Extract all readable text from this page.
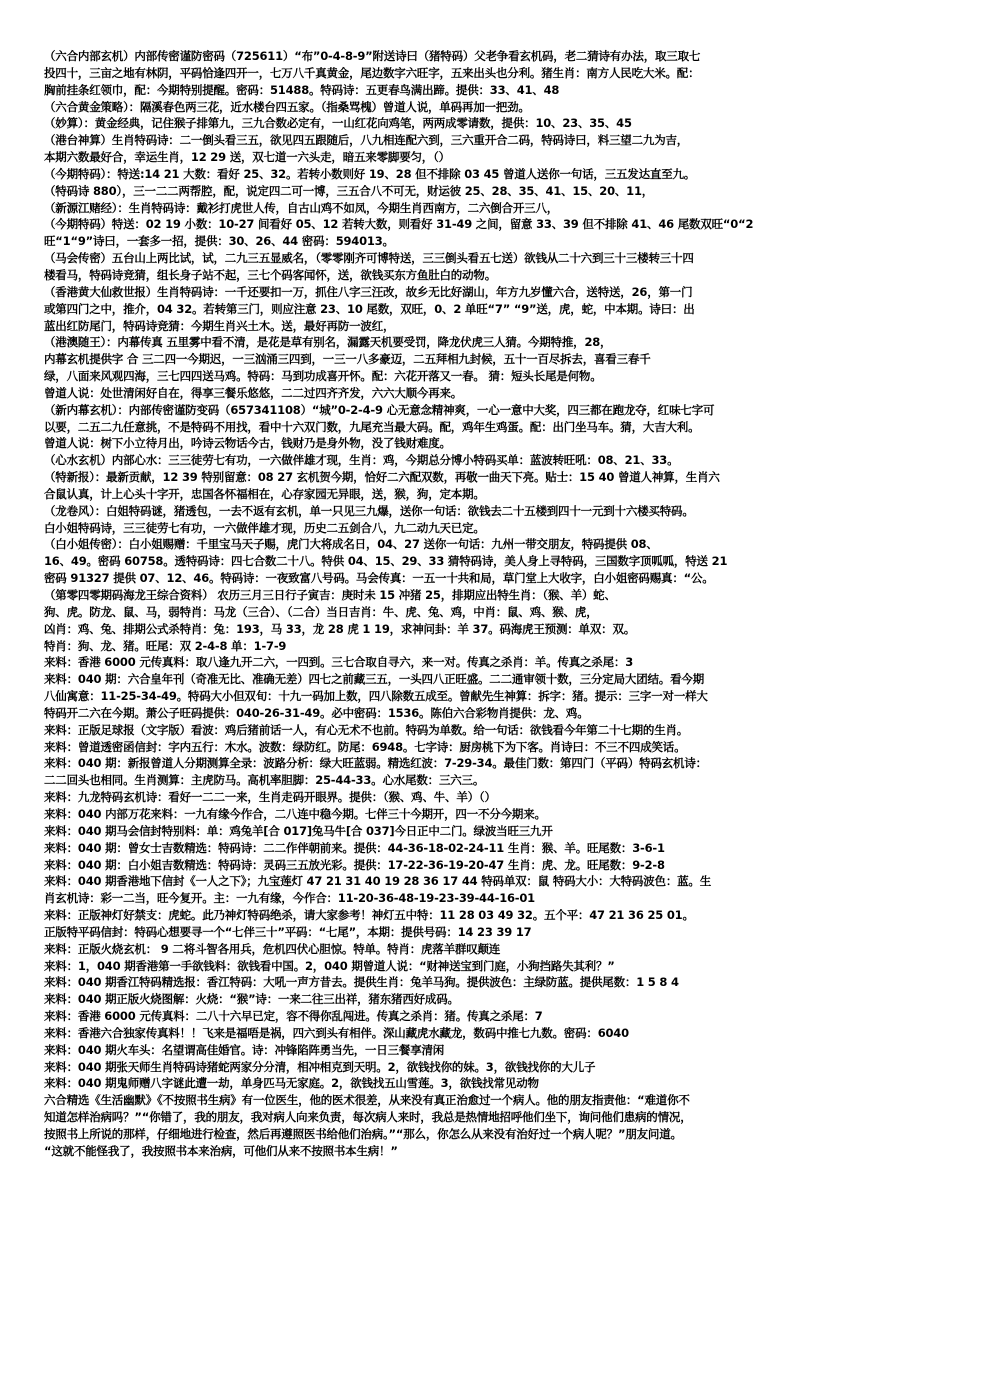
（六合内部玄机）内部传密谨防密码（725611）“布”0-4-8-9”附送诗曰（猪特码）父老争看玄机码，老二猜诗有办法，取三取七

投四十，三亩之地有林阴，平码恰逢四开一，七万八千真黄金，尾边数字六旺字，五来出头也分利。猪生肖：南方人民吃大米。配：

胸前挂条红领巾，配：今期特别提醒。密码：51488。特码诗：五更春鸟满出蹄。提供：33、41、48

（六合黄金策略）：隔溪春色两三花，近水楼台四五家。（指桑骂槐）曾道人说，单码再加一把劲。

（妙算）：黄金经典，记住猴子排第九，三九合数必定有，一山红花向鸡笔，两两成零请数，提供：10、23、35、45

（港台神算）生肖特码诗：二一倒头看三五，欲见四五跟随后，八九相连配六到，三六重开合二码，特码诗曰，料三望二九为吉，

本期六数最好合，幸运生肖，12 29 送，双七道一六头走，暗五来零脚要匀，（）

（今期特码）：特送:14 21 大数：看好 25、32。若转小数则好 19、28 但不排除 03 45 曾道人送你一句话，三五发达直至九。

（特码诗 880），三一二二两帮腔，配，说定四二可一博，三五合八不可无，财运彼 25、28、35、41、15、20、11，

（新源江赌经）：生肖特码诗：戴衫打虎世人传，自古山鸡不如凤，今期生肖西南方，二六倒合开三八，

（今期特码）特送：02 19 小数：10-27 间看好 05、12 若转大数，则看好 31-49 之间，留意 33、39 但不排除 41、46 尾数双旺“0“2

旺“1“9”诗曰，一套多一招，提供：30、26、44 密码：594013。

（马会传密）五台山上两比试，试，二九三五显威名，（零零刚齐可博特送，三三倒头看五七送）欲钱从二十六到三十三楼转三十四

楼看马，特码诗竞猜，组长身子站不起，三七个码客闻怀，送，欲钱买东方鱼肚白的动物。

（香港黄大仙救世报）生肖特码诗：一千还要扣一万，抓住八字三汪改，故乡无比好湖山，年方九岁懂六合，送特送，26，第一门

或第四门之中，推介，04 32。若转第三门，则应注意 23、10 尾数，双旺，0、2 单旺“7” “9”送，虎，蛇，中本期。诗曰：出

蓝出红防尾门，特码诗竞猜：今期生肖兴土木。送，最好再防一波红，

（港澳随王）：内幕传真 五里雾中看不清，是花是草有别名，漏露天机要受罚，降龙伏虎三人猜。今期特推，28，

内幕玄机提供字 合 三二四一今期迟，一三汹涌三四到，一三一八多豪迈，二五拜相九封候，五十一百尽拆去，喜看三春千

绿，八面来风观四海，三七四四送马鸡。特码：马到功成喜开怀。配：六花开落又一春。 猜：短头长尾是何物。

曾道人说：处世清闲好自在，得享三餐乐悠悠，二二过四齐齐发，六六大顺今再来。

（新内幕玄机）：内部传密谨防变码（657341108）“城”0-2-4-9 心无意念精神爽，一心一意中大奖，四三都在跑龙夺，红味七字可

以要，二五二九任意挑，不是特码不用找，看中十六双门数，九尾充当最大码。配，鸡年生鸡蛋。配：出门坐马车。猜，大吉大利。

曾道人说：树下小立待月出，吟诗云物话今古，钱财乃是身外物，没了钱财难度。

（心水玄机）内部心水：三三徒劳七有功，一六做伴雄才现，生肖：鸡，今期总分博小特码买单：蓝波转旺吼：08、21、33。

（特新报）：最新贡献，12 39 特别留意：08 27 玄机贺今期，恰好二六配双数，再敬一曲天下亮。贴士：15 40 曾道人神算，生肖六

合鼠认真，计上心头十字开，忠国各怀福相在，心存家园无异眼，送，猴，狗，定本期。

（龙卷风）：白姐特码谜，猪透包，一去不返有玄机，单一只见三九爆，送你一句话：欲钱去二十五楼到四十一元到十六楼买特码。

白小姐特码诗，三三徒劳七有功，一六做伴雄才现，历史二五剑合八，九二动九天已定。

（白小姐传密）：白小姐赐赠：千里宝马天子赐，虎门大将成名日，04、27 送你一句话：九州一带交朋友，特码提供 08、

16、49。密码 60758。透特码诗：四七合数二十八。特供 04、15、29、33 猜特码诗，美人身上寻特码，三国数字顶呱呱，特送 21

密码 91327 提供 07、12、46。特码诗：一夜致富八号码。马会传真：一五一十共和局，草门堂上大收字，白小姐密码赐真：“公。

（第零四零期码海龙王综合资料） 农历三月三日行子寅吉：庚时未 15 冲猪 25，排期应出特生肖：（猴、羊）蛇、

狗、虎。防龙、鼠、马，弱特肖：马龙（三合）、（二合）当日吉肖：牛、虎、兔、鸡，中肖：鼠、鸡、猴、虎，

凶肖：鸡、兔、排期公式杀特肖：兔：193，马 33，龙 28 虎 1 19，求神问卦：羊 37。码海虎王预测：单双：双。

特肖：狗、龙、猪。旺尾：双 2-4-8 单：1-7-9

来料：香港 6000 元传真料：取八逢九开二六，一四到。三七合取自寻六，来一对。传真之杀肖：羊。传真之杀尾：3

来料：040 期：六合皇年刊（奇准无比、准确无差）四七之前藏三五，一头四八正旺盛。二二通审领十数，三分定局大团结。看今期

八仙寓意：11-25-34-49。特码大小但双旬：十九一码加上数，四八除数五成至。曾献先生神算：拆字：猪。提示：三字一对一样大

特码开二六在今期。萧公子旺码提供：040-26-31-49。必中密码：1536。陈伯六合彩物肖提供：龙、鸡。

来料：正版足球报（文字版）看波：鸡后猪前话一人，有心无术不也前。特码为单数。给一句话：欲钱看今年第二十七期的生肖。

来料：曾道透密函信封：字内五行：木水。波数：绿防红。防尾：6948。七字诗：厨房桃下为下客。肖诗曰：不三不四成笑话。

来料：040 期：新报曾道人分期测算全录：波路分析：绿大旺蓝弱。精选红波：7-29-34。最佳门数：第四门（平码）特码玄机诗：

二二回头也相同。生肖测算：主虎防马。高机率胆脚：25-44-33。心水尾数：三六三。

来料：九龙特码玄机诗：看好一二二一来，生肖走码开眼界。提供：（猴、鸡、牛、羊）（）

来料：040 内部万花来料：一九有缘今作合，二八连中稳今期。七伴三十今期开，四一不分今期来。

来料：040 期马会信封特别料：单：鸡兔羊[合 017]兔马牛[合 037]今日正中二门。绿波当旺三九开

来料：040 期：曾女士吉数精选：特码诗：二二作伴朝前来。提供：44-36-18-02-24-11 生肖：猴、羊。旺尾数：3-6-1

来料：040 期：白小姐吉数精选：特码诗：灵码三五放光彩。提供：17-22-36-19-20-47 生肖：虎、龙。旺尾数：9-2-8

来料：040 期香港地下信封《一人之下》；九宝莲灯 47 21 31 40 19 28 36 17 44 特码单双：鼠 特码大小：大特码波色：蓝。生

肖玄机诗：彩一二当，旺今复开。主：一九有缘，今作合：11-20-36-48-19-23-39-44-16-01

来料：正版神灯好禁支：虎蛇。此乃神灯特码绝杀，请大家参考！神灯五中特：11 28 03 49 32。五个平：47 21 36 25 01。

正版特平码信封：特码心想要寻一个“七伴三十”平码：“七尾”，本期：提供号码：14 23 39 17

来料：正版火烧玄机： 9 二将斗智各用兵，危机四伏心胆惊。特单。特肖：虎落羊群叹颠连

来料：1，040 期香港第一手欲钱料：欲钱看中国。2，040 期曾道人说：“财神送宝到门庭，小狗挡路失其利？”

来料：040 期香江特码精选报：香江特码：大吼一声方昔去。提供生肖：兔羊马狗。提供波色：主绿防蓝。提供尾数：1 5 8 4

来料：040 期正版火烧图解：火烧：“猴”诗：一来二往三出祥，猪东猪西好成码。

来料：香港 6000 元传真料：二八十六早已定，容不得你乱闯进。传真之杀肖：猪。传真之杀尾：7

来料：香港六合独家传真料！！飞来是福唔是祸，四六到头有相伴。深山藏虎水藏龙，数码中推七九数。密码：6040

来料：040 期火车头：名望谓高佳婚官。诗：冲锋陷阵勇当先，一日三餐享清闲

来料：040 期张天师生肖特码诗猪蛇两家分分清，相冲相克到天明。2，欲钱找你的妹。3，欲钱找你的大儿子

来料：040 期鬼师赠八字谜此遭一劫，单身匹马无家庭。2，欲钱找五山雪莲。3，欲钱找常见动物

六合精选《生活幽默》《不按照书生病》有一位医生，他的医术很差，从来没有真正治愈过一个病人。他的朋友指责他：“难道你不

知道怎样治病吗？”“你错了，我的朋友，我对病人向来负责，每次病人来时，我总是热情地招呼他们坐下，询问他们患病的情况，

按照书上所说的那样，仔细地进行检查，然后再遵照医书给他们治病。”“那么，你怎么从来没有治好过一个病人呢？”朋友问道。

“这就不能怪我了，我按照书本来治病，可他们从来不按照书本生病！”
